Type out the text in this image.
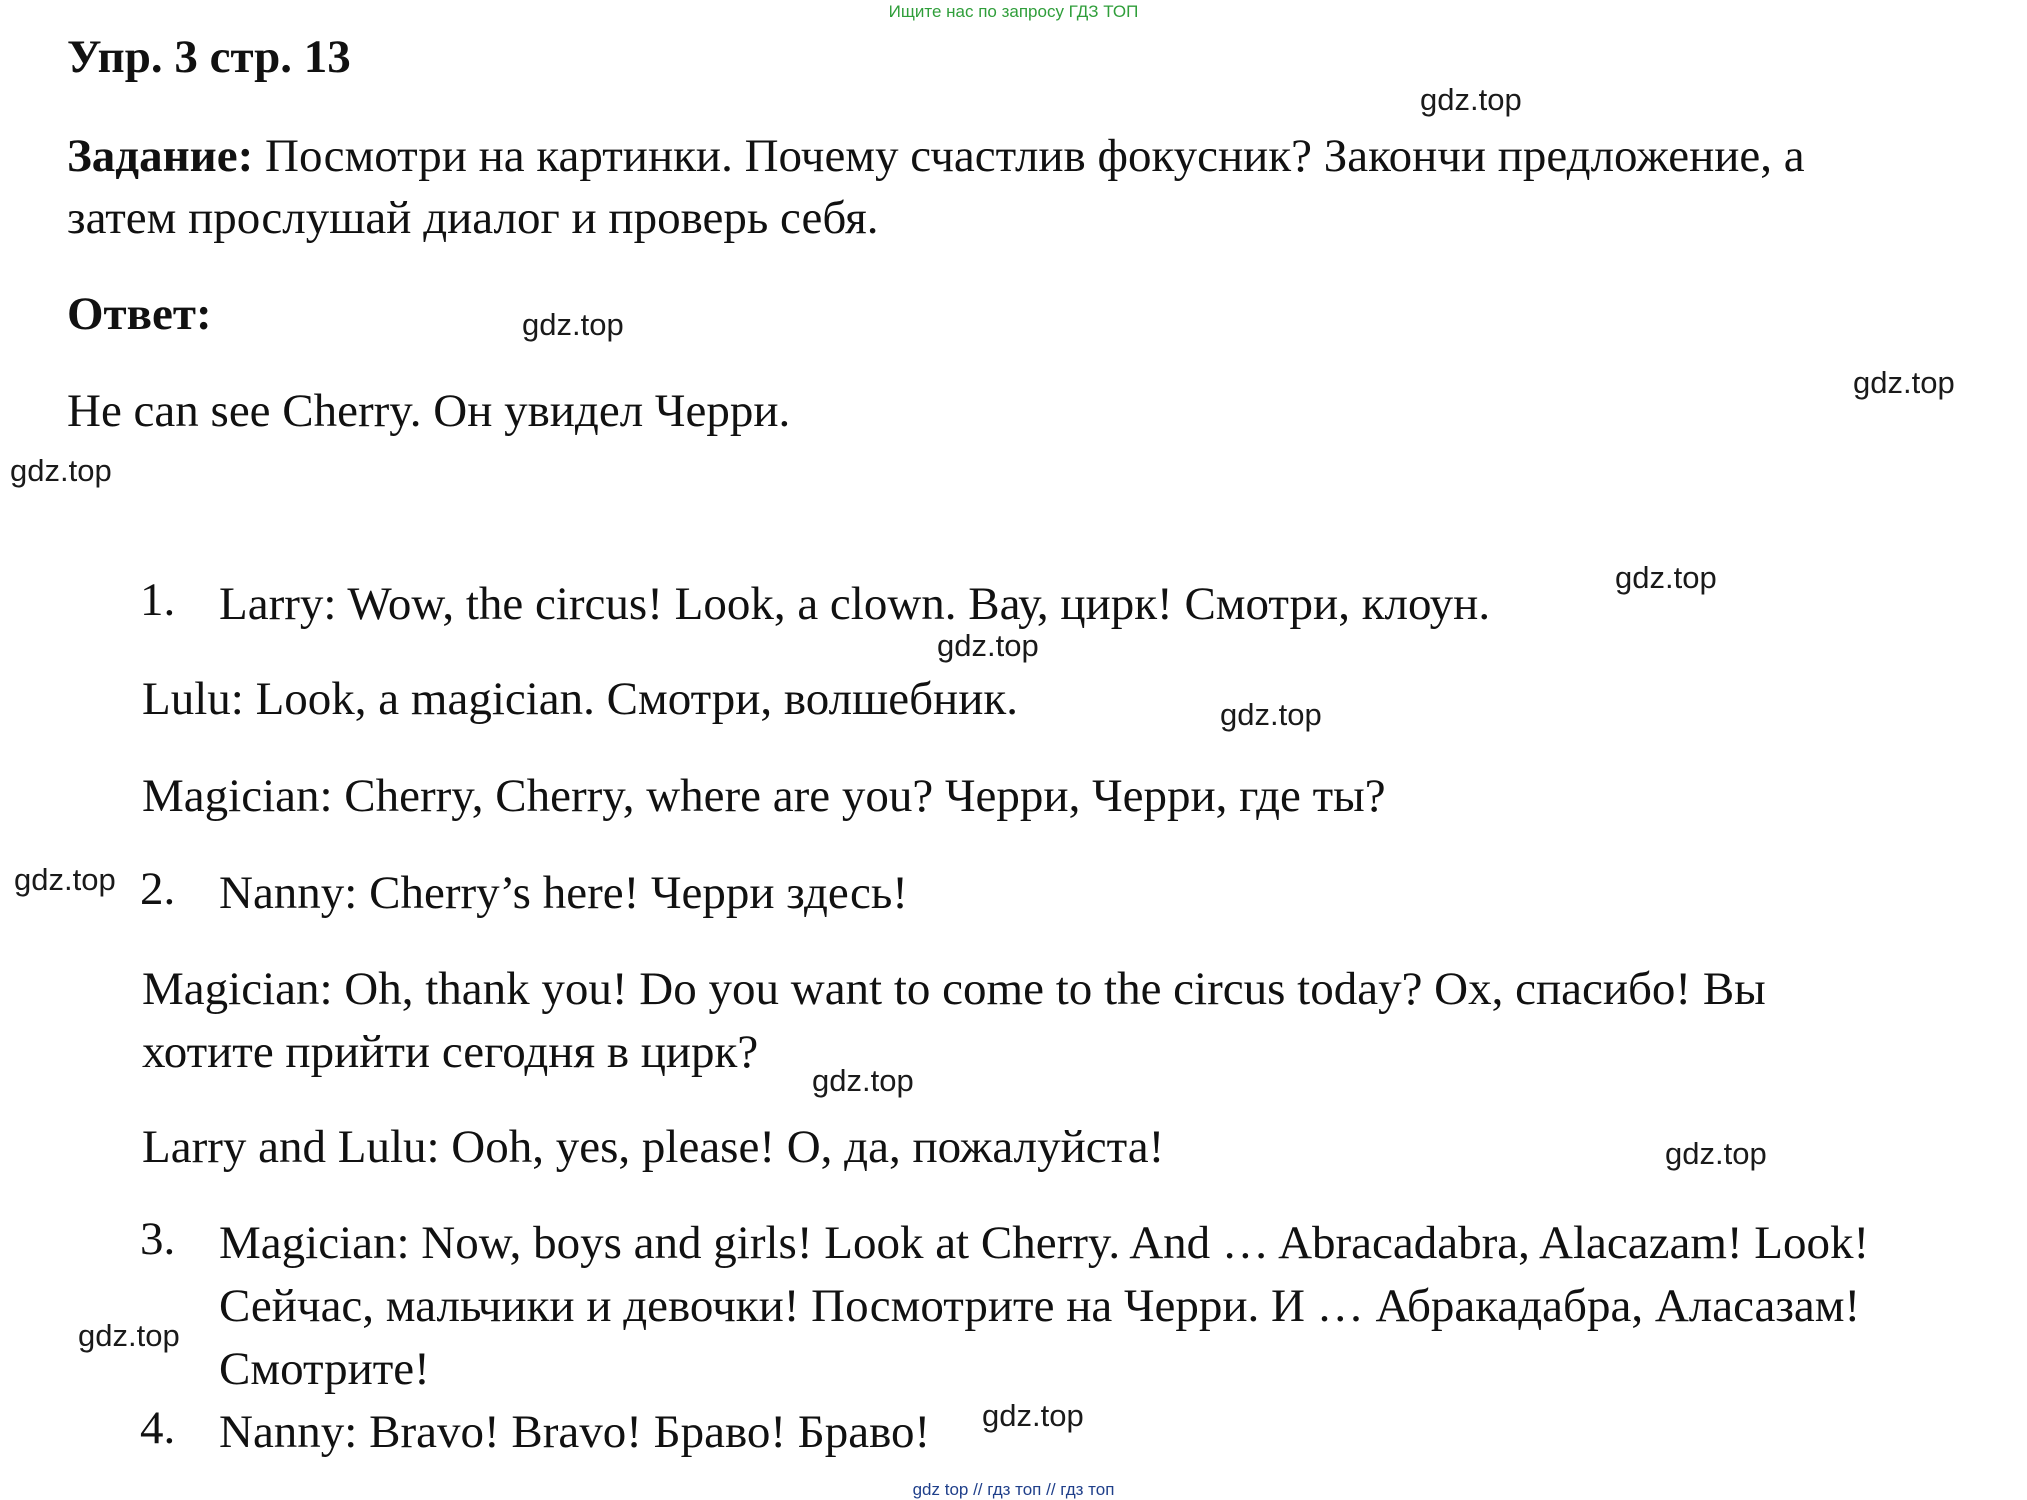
Ищите нас по запросу ГДЗ ТОП
Упр. 3 стр. 13
Задание: Посмотри на картинки. Почему счастлив фокусник? Закончи предложение, а
затем прослушай диалог и проверь себя.
Ответ:
He can see Cherry. Он увидел Черри.
1. Larry: Wow, the circus! Look, a clown. Вау, цирк! Смотри, клоун.
Lulu: Look, a magician. Смотри, волшебник.
Magician: Cherry, Cherry, where are you? Черри, Черри, где ты?
2. Nanny: Cherry’s here! Черри здесь!
Magician: Oh, thank you! Do you want to come to the circus today? Ох, спасибо! Вы
хотите прийти сегодня в цирк?
Larry and Lulu: Ooh, yes, please! О, да, пожалуйста!
3. Magician: Now, boys and girls! Look at Cherry. And … Abracadabra, Alacazam! Look!
Сейчас, мальчики и девочки! Посмотрите на Черри. И … Абракадабра, Аласазам!
Смотрите!
4. Nanny: Bravo! Bravo! Браво! Браво!
gdz.top
gdz.top
gdz.top
gdz.top
gdz.top
gdz.top
gdz.top
gdz.top
gdz.top
gdz.top
gdz.top
gdz.top
gdz top // гдз топ // гдз топ
